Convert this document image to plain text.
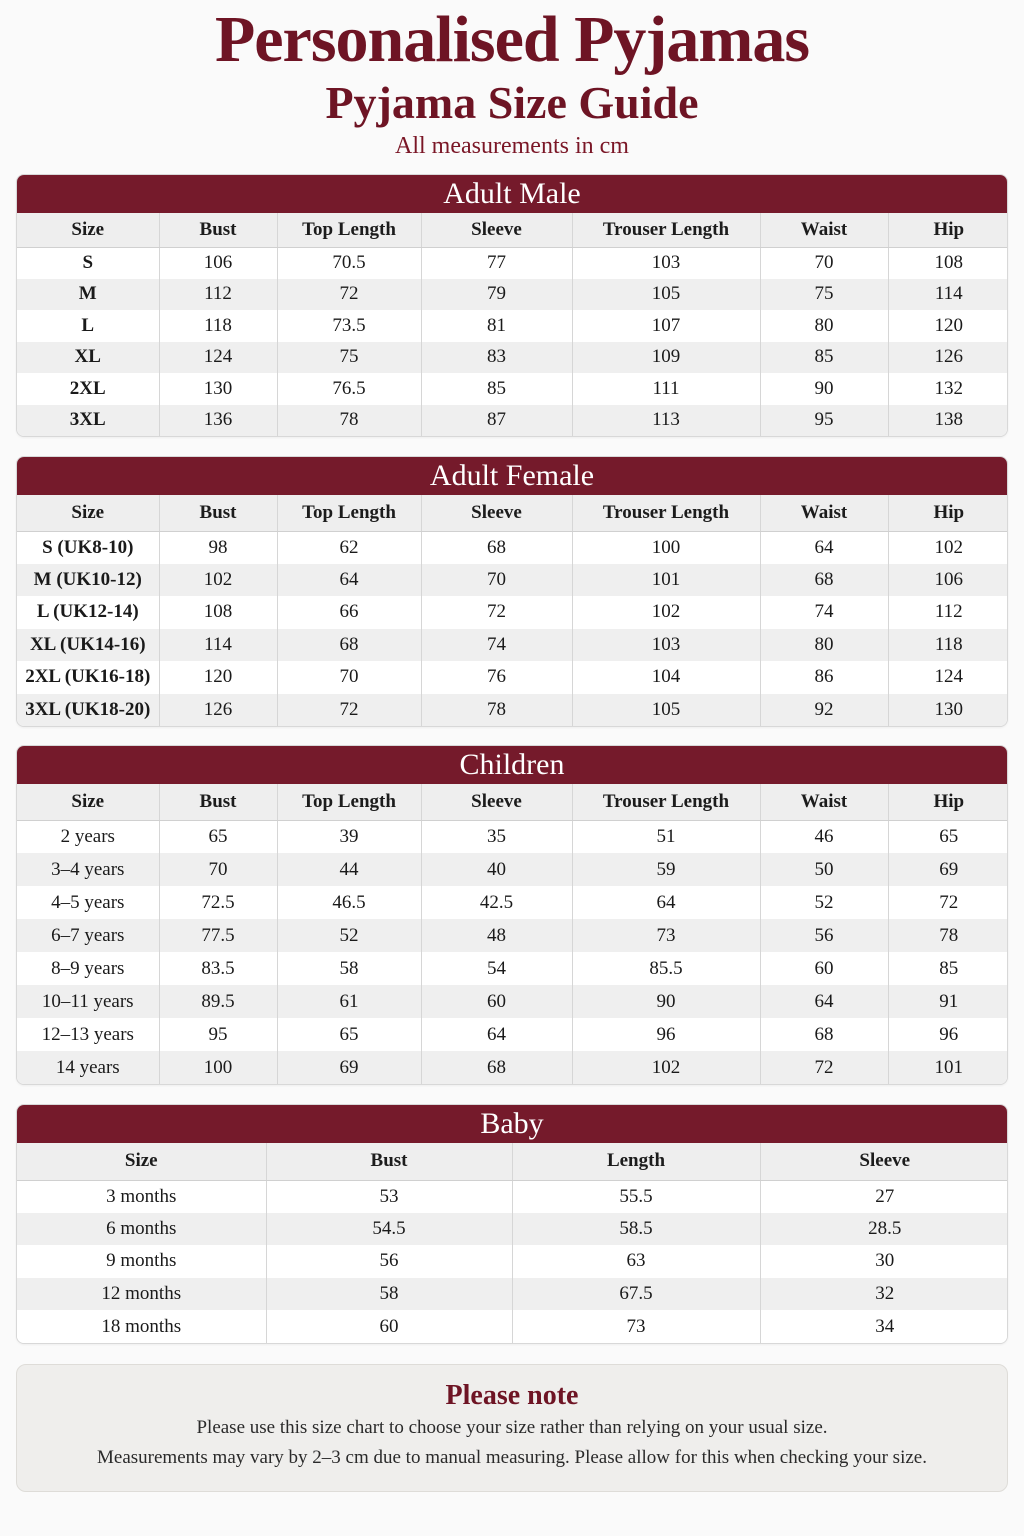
Personalised Pyjamas
Pyjama Size Guide
All measurements in cm
Adult Male
Size	Bust	Top Length	Sleeve	Trouser Length	Waist	Hip
S	106	70.5	77	103	70	108
M	112	72	79	105	75	114
L	118	73.5	81	107	80	120
XL	124	75	83	109	85	126
2XL	130	76.5	85	111	90	132
3XL	136	78	87	113	95	138
Adult Female
Size	Bust	Top Length	Sleeve	Trouser Length	Waist	Hip
S (UK8-10)	98	62	68	100	64	102
M (UK10-12)	102	64	70	101	68	106
L (UK12-14)	108	66	72	102	74	112
XL (UK14-16)	114	68	74	103	80	118
2XL (UK16-18)	120	70	76	104	86	124
3XL (UK18-20)	126	72	78	105	92	130
Children
Size	Bust	Top Length	Sleeve	Trouser Length	Waist	Hip
2 years	65	39	35	51	46	65
3–4 years	70	44	40	59	50	69
4–5 years	72.5	46.5	42.5	64	52	72
6–7 years	77.5	52	48	73	56	78
8–9 years	83.5	58	54	85.5	60	85
10–11 years	89.5	61	60	90	64	91
12–13 years	95	65	64	96	68	96
14 years	100	69	68	102	72	101
Baby
Size	Bust	Length	Sleeve
3 months	53	55.5	27
6 months	54.5	58.5	28.5
9 months	56	63	30
12 months	58	67.5	32
18 months	60	73	34
Please note
Please use this size chart to choose your size rather than relying on your usual size.
Measurements may vary by 2–3 cm due to manual measuring. Please allow for this when checking your size.
